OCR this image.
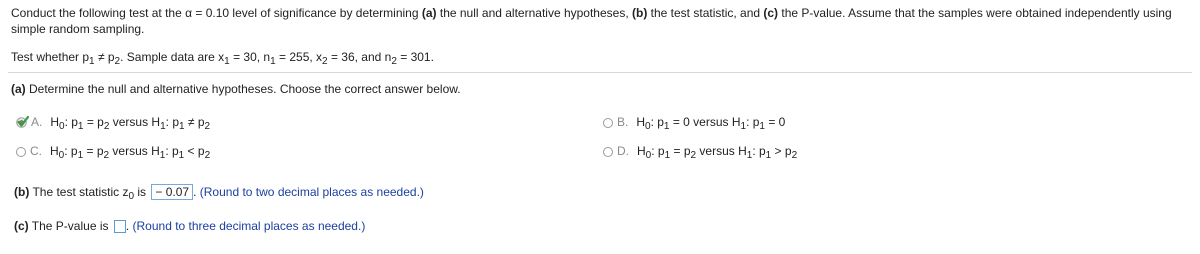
Conduct the following test at the α = 0.10 level of significance by determining (a) the null and alternative hypotheses, (b) the test statistic, and (c) the P-value. Assume that the samples were obtained independently using simple random sampling.
Test whether $p_1 \ne p_2$. Sample data are $x_1 = 30$, $n_1 = 255$, $x_2 = 36$, and $n_2 = 301$.
(a) Determine the null and alternative hypotheses. Choose the correct answer below.
A. $H_0$: $p_1 = p_2$ versus $H_1$: $p_1 \ne p_2$	B. $H_0$: $p_1 = 0$ versus $H_1$: $p_1 = 0$
C. $H_0$: $p_1 = p_2$ versus $H_1$: $p_1 < p_2$	D. $H_0$: $p_1 = p_2$ versus $H_1$: $p_1 > p_2$
(b) The test statistic $z_0$ is − 0.07 . (Round to two decimal places as needed.)
(c) The P-value is . (Round to three decimal places as needed.)
